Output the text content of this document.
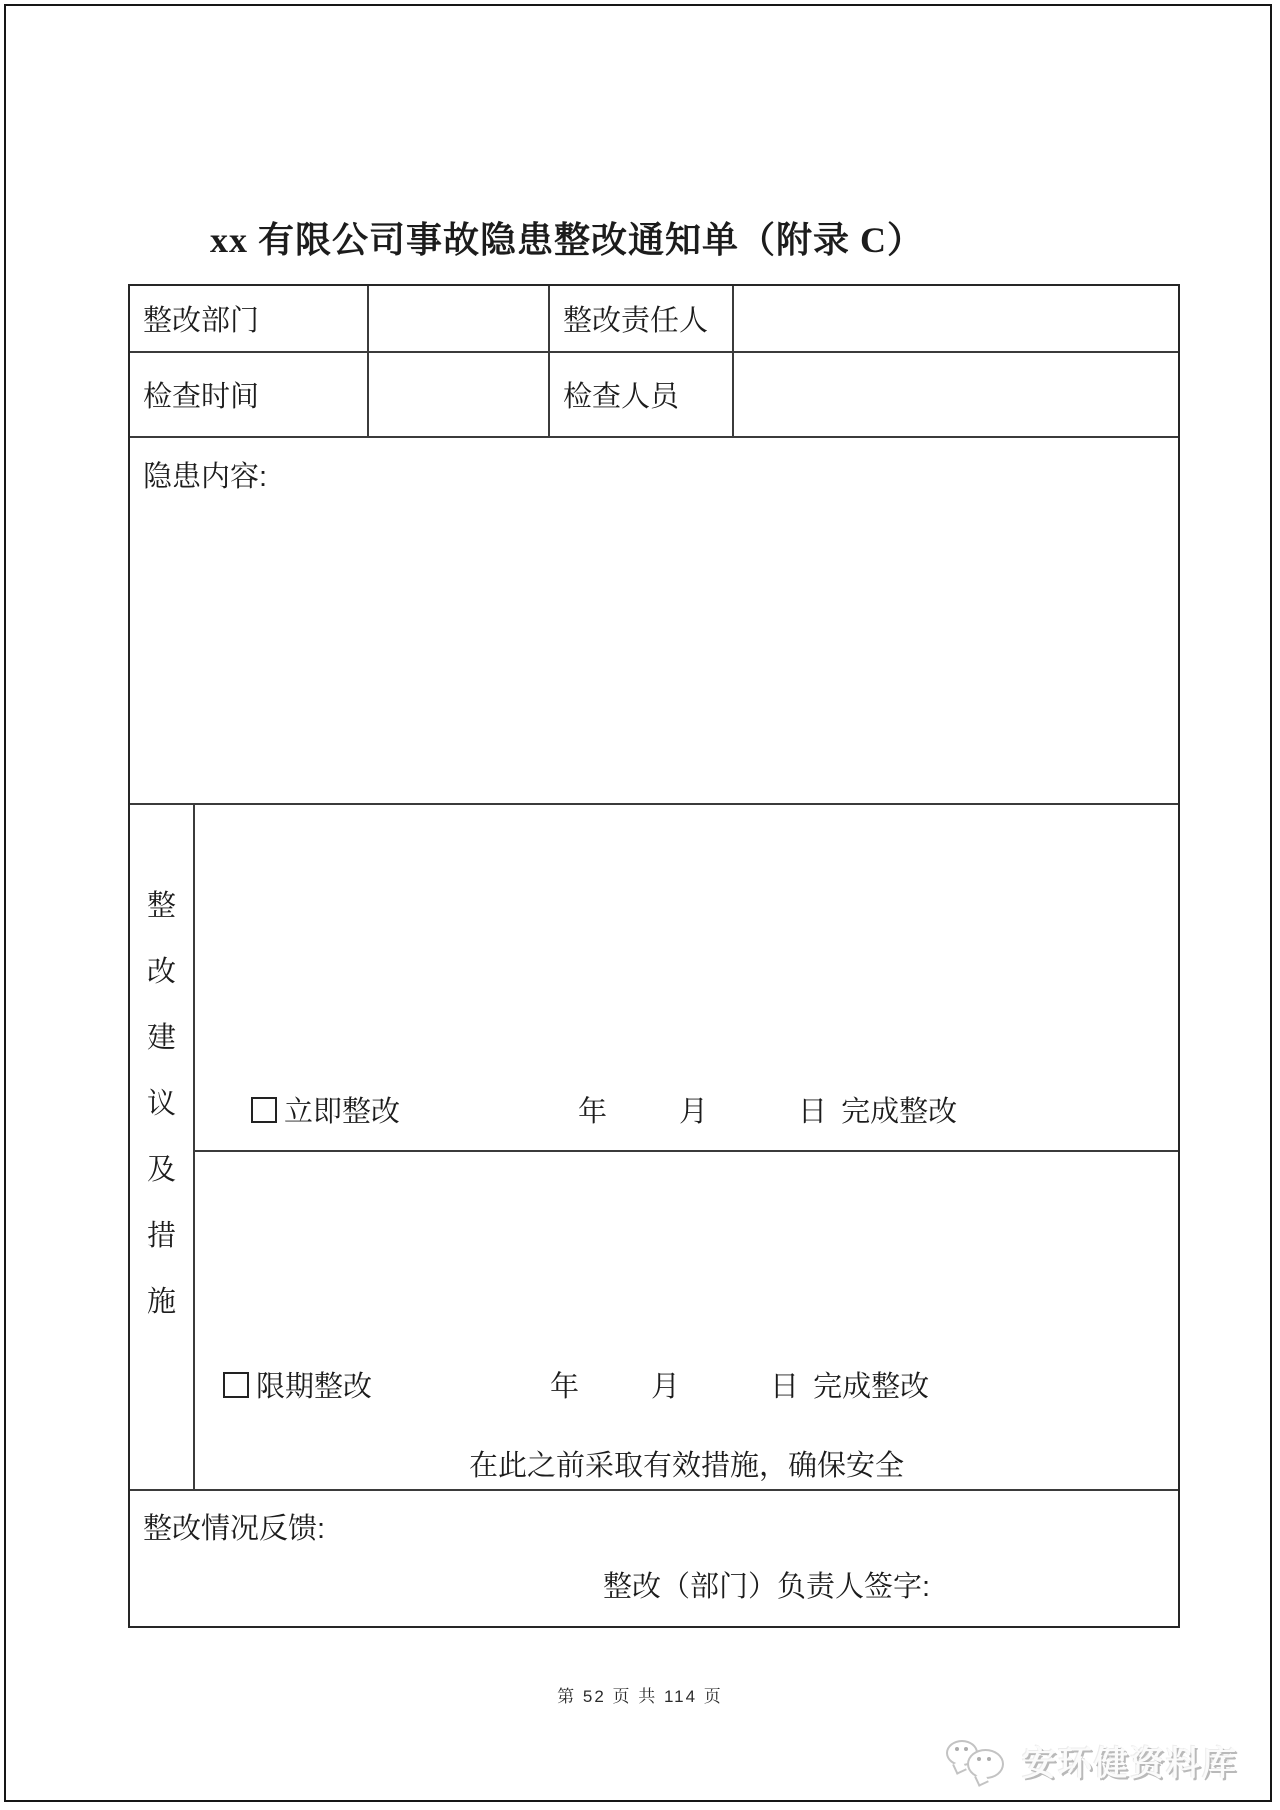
xx 有限公司事故隐患整改通知单（附录 C）
整改部门	整改责任人
检查时间	检查人员
隐患内容:
整
改
建
议
及
措
施
立即整改	年 月	日 完成整改
限期整改	年 月	日 完成整改
在此之前采取有效措施，确保安全
整改情况反馈:
整改（部门）负责人签字:
第 52 页 共 114 页
安环健资料库
